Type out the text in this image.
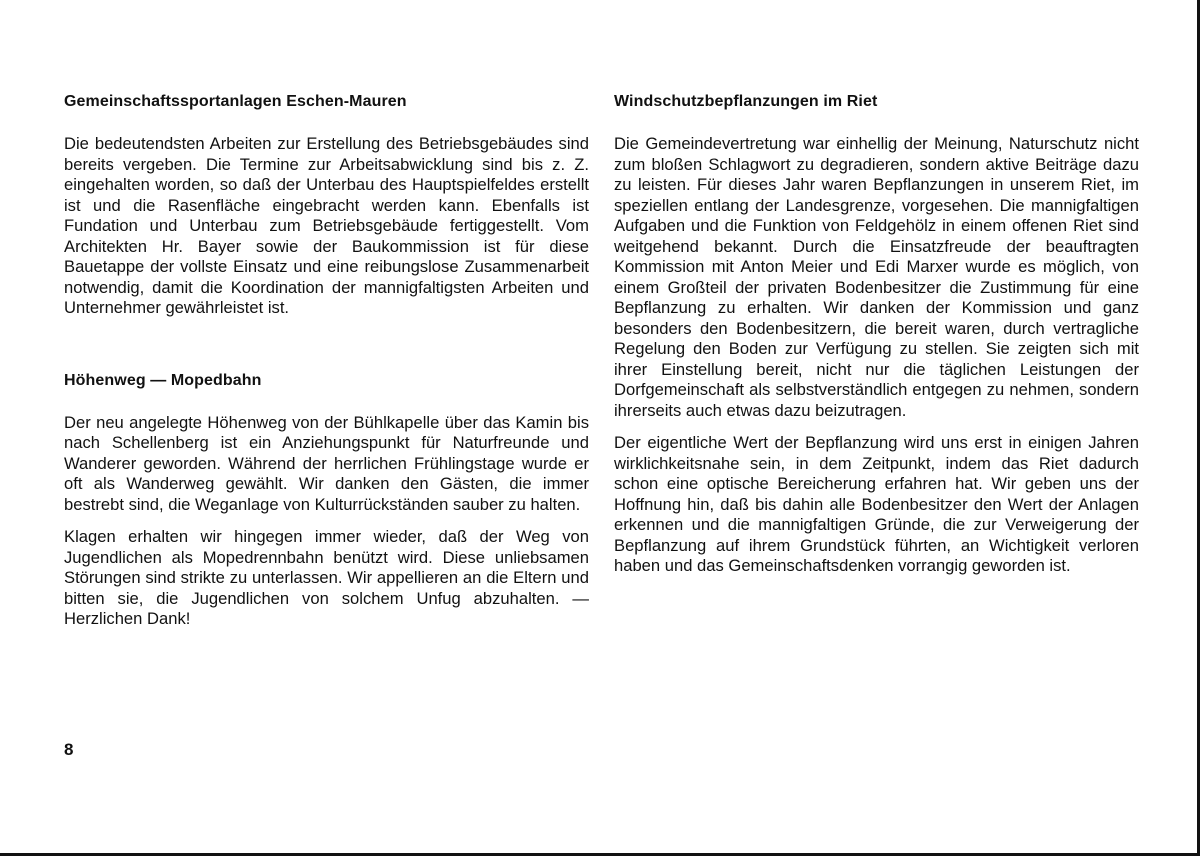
Gemeinschaftssportanlagen Eschen-Mauren

Die bedeutendsten Arbeiten zur Erstellung des Betriebsgebäudes sind bereits vergeben. Die Termine zur Arbeitsabwicklung sind bis z. Z. eingehalten worden, so daß der Unterbau des Hauptspielfeldes erstellt ist und die Rasenfläche eingebracht werden kann. Ebenfalls ist Fundation und Unterbau zum Betriebsgebäude fertiggestellt. Vom Architekten Hr. Bayer sowie der Baukommission ist für diese Bauetappe der vollste Einsatz und eine reibungslose Zusammenarbeit notwendig, damit die Koordination der mannigfaltigsten Arbeiten und Unternehmer gewährleistet ist.

Höhenweg — Mopedbahn

Der neu angelegte Höhenweg von der Bühlkapelle über das Kamin bis nach Schellenberg ist ein Anziehungspunkt für Naturfreunde und Wanderer geworden. Während der herrlichen Frühlingstage wurde er oft als Wanderweg gewählt. Wir danken den Gästen, die immer bestrebt sind, die Weganlage von Kulturrückständen sauber zu halten.

Klagen erhalten wir hingegen immer wieder, daß der Weg von Jugendlichen als Mopedrennbahn benützt wird. Diese unliebsamen Störungen sind strikte zu unterlassen. Wir appellieren an die Eltern und bitten sie, die Jugendlichen von solchem Unfug abzuhalten. — Herzlichen Dank!

Windschutzbepflanzungen im Riet

Die Gemeindevertretung war einhellig der Meinung, Naturschutz nicht zum bloßen Schlagwort zu degradieren, sondern aktive Beiträge dazu zu leisten. Für dieses Jahr waren Bepflanzungen in unserem Riet, im speziellen entlang der Landesgrenze, vorgesehen. Die mannigfaltigen Aufgaben und die Funktion von Feldgehölz in einem offenen Riet sind weitgehend bekannt. Durch die Einsatzfreude der beauftragten Kommission mit Anton Meier und Edi Marxer wurde es möglich, von einem Großteil der privaten Bodenbesitzer die Zustimmung für eine Bepflanzung zu erhalten. Wir danken der Kommission und ganz besonders den Bodenbesitzern, die bereit waren, durch vertragliche Regelung den Boden zur Verfügung zu stellen. Sie zeigten sich mit ihrer Einstellung bereit, nicht nur die täglichen Leistungen der Dorfgemeinschaft als selbstverständlich entgegen zu nehmen, sondern ihrerseits auch etwas dazu beizutragen.

Der eigentliche Wert der Bepflanzung wird uns erst in einigen Jahren wirklichkeitsnahe sein, in dem Zeitpunkt, indem das Riet dadurch schon eine optische Bereicherung erfahren hat. Wir geben uns der Hoffnung hin, daß bis dahin alle Bodenbesitzer den Wert der Anlagen erkennen und die mannigfaltigen Gründe, die zur Verweigerung der Bepflanzung auf ihrem Grundstück führten, an Wichtigkeit verloren haben und das Gemeinschaftsdenken vorrangig geworden ist.

8
